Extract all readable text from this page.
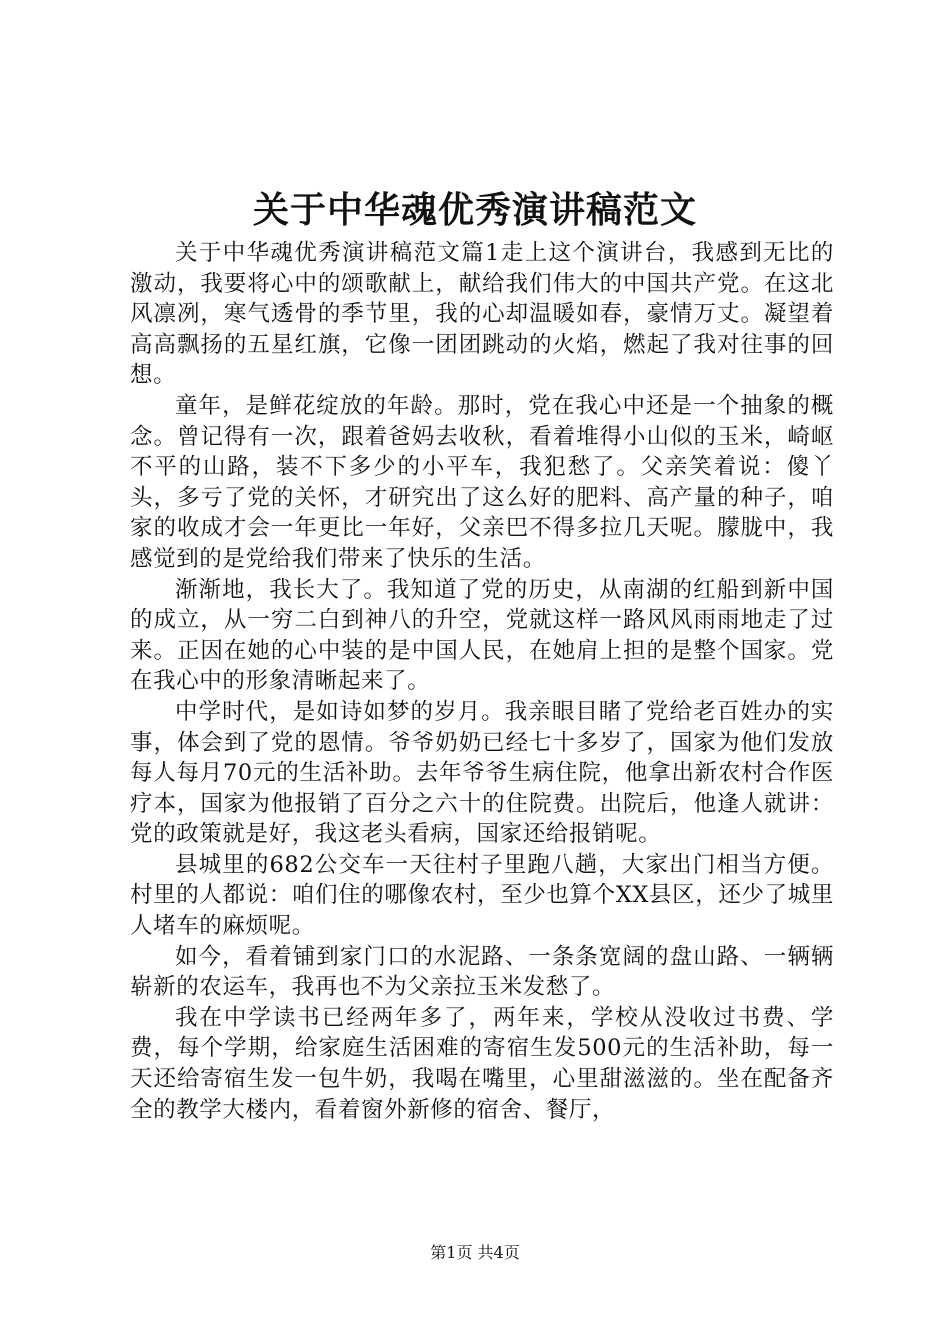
关于中华魂优秀演讲稿范文

关于中华魂优秀演讲稿范文篇1走上这个演讲台，我感到无比的激动，我要将心中的颂歌献上，献给我们伟大的中国共产党。在这北风凛冽，寒气透骨的季节里，我的心却温暖如春，豪情万丈。凝望着高高飘扬的五星红旗，它像一团团跳动的火焰，燃起了我对往事的回想。

童年，是鲜花绽放的年龄。那时，党在我心中还是一个抽象的概念。曾记得有一次，跟着爸妈去收秋，看着堆得小山似的玉米，崎岖不平的山路，装不下多少的小平车，我犯愁了。父亲笑着说：傻丫头，多亏了党的关怀，才研究出了这么好的肥料、高产量的种子，咱家的收成才会一年更比一年好，父亲巴不得多拉几天呢。朦胧中，我感觉到的是党给我们带来了快乐的生活。

渐渐地，我长大了。我知道了党的历史，从南湖的红船到新中国的成立，从一穷二白到神八的升空，党就这样一路风风雨雨地走了过来。正因在她的心中装的是中国人民，在她肩上担的是整个国家。党在我心中的形象清晰起来了。

中学时代，是如诗如梦的岁月。我亲眼目睹了党给老百姓办的实事，体会到了党的恩情。爷爷奶奶已经七十多岁了，国家为他们发放每人每月70元的生活补助。去年爷爷生病住院，他拿出新农村合作医疗本，国家为他报销了百分之六十的住院费。出院后，他逢人就讲：党的政策就是好，我这老头看病，国家还给报销呢。

县城里的682公交车一天往村子里跑八趟，大家出门相当方便。村里的人都说：咱们住的哪像农村，至少也算个XX县区，还少了城里人堵车的麻烦呢。

如今，看着铺到家门口的水泥路、一条条宽阔的盘山路、一辆辆崭新的农运车，我再也不为父亲拉玉米发愁了。

我在中学读书已经两年多了，两年来，学校从没收过书费、学费，每个学期，给家庭生活困难的寄宿生发500元的生活补助，每一天还给寄宿生发一包牛奶，我喝在嘴里，心里甜滋滋的。坐在配备齐全的教学大楼内，看着窗外新修的宿舍、餐厅，

第1页 共4页
